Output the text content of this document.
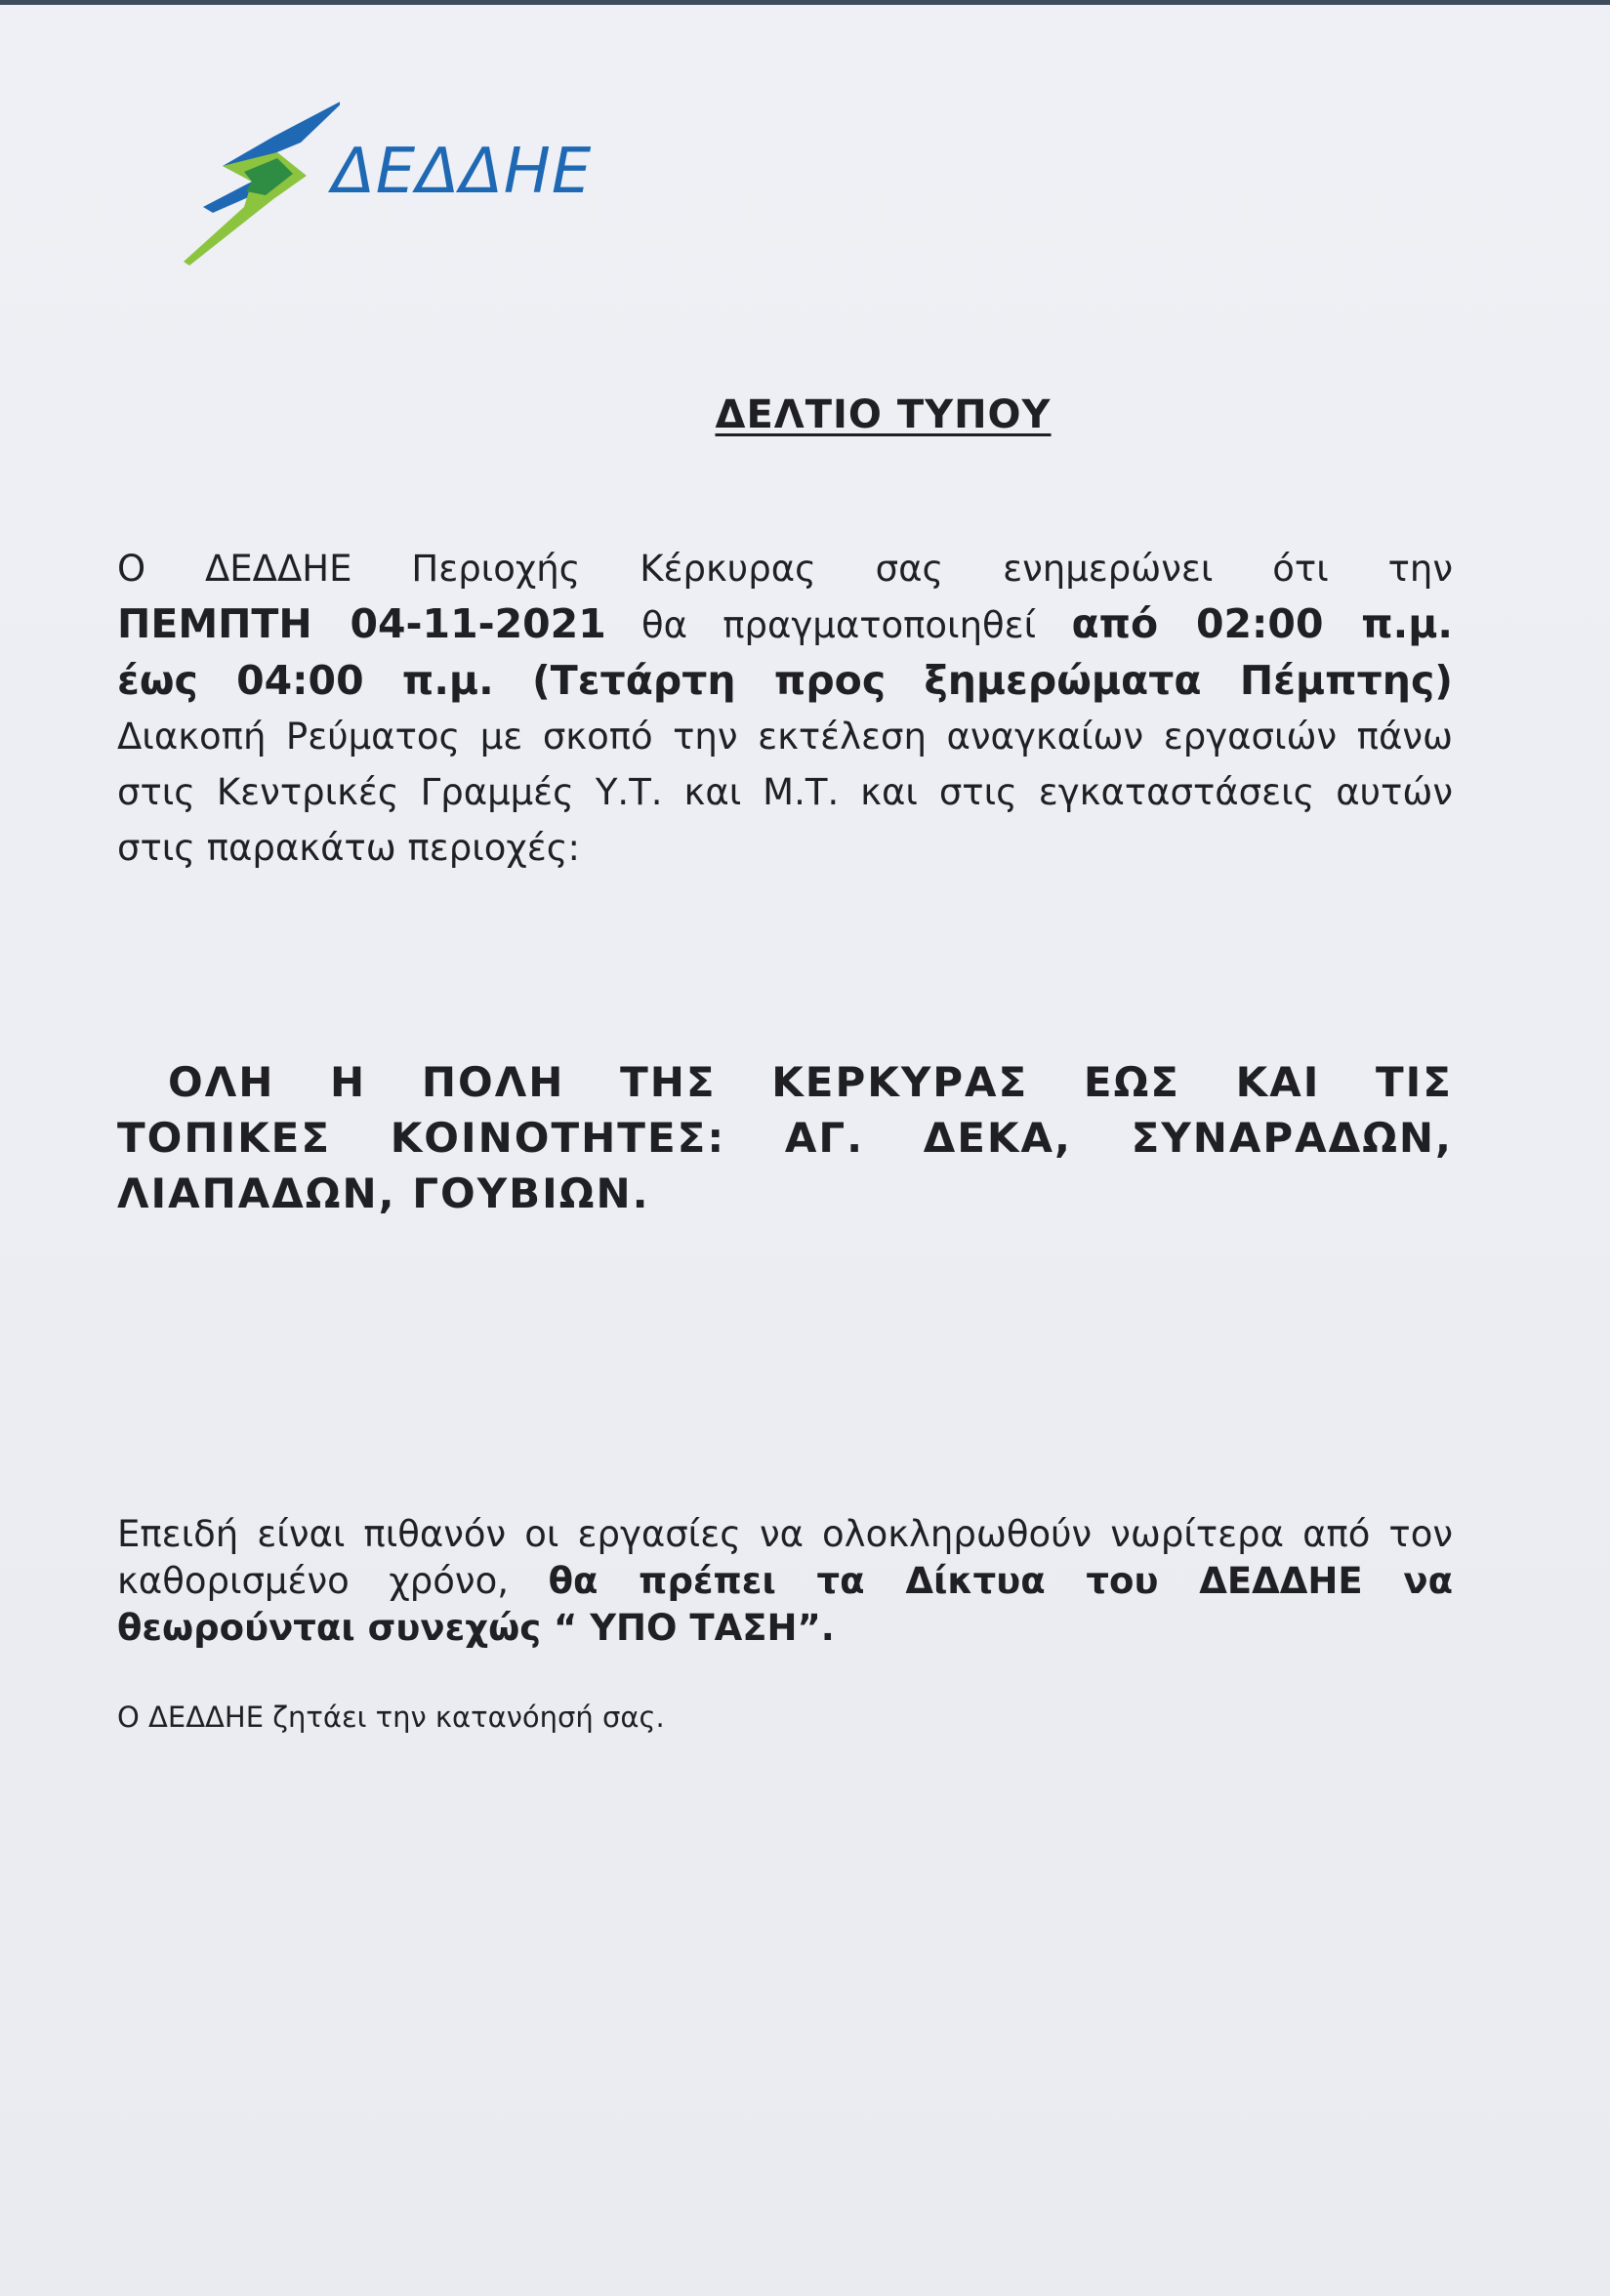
ΔΕΔΔΗΕ
ΔΕΛΤΙΟ ΤΥΠΟΥ
Ο ΔΕΔΔΗΕ Περιοχής Κέρκυρας σας ενημερώνει ότι την
ΠΕΜΠΤΗ 04-11-2021 θα πραγματοποιηθεί από 02:00 π.μ.
έως 04:00 π.μ. (Τετάρτη προς ξημερώματα Πέμπτης)
Διακοπή Ρεύματος με σκοπό την εκτέλεση αναγκαίων εργασιών πάνω
στις Κεντρικές Γραμμές Υ.Τ. και Μ.Τ. και στις εγκαταστάσεις αυτών
στις παρακάτω περιοχές:
ΟΛΗ Η ΠΟΛΗ ΤΗΣ ΚΕΡΚΥΡΑΣ ΕΩΣ ΚΑΙ ΤΙΣ
ΤΟΠΙΚΕΣ ΚΟΙΝΟΤΗΤΕΣ: ΑΓ. ΔΕΚΑ, ΣΥΝΑΡΑΔΩΝ,
ΛΙΑΠΑΔΩΝ, ΓΟΥΒΙΩΝ.
Επειδή είναι πιθανόν οι εργασίες να ολοκληρωθούν νωρίτερα από τον
καθορισμένο χρόνο, θα πρέπει τα Δίκτυα του ΔΕΔΔΗΕ να
θεωρούνται συνεχώς “ ΥΠΟ ΤΑΣΗ”.
Ο ΔΕΔΔΗΕ ζητάει την κατανόησή σας.
